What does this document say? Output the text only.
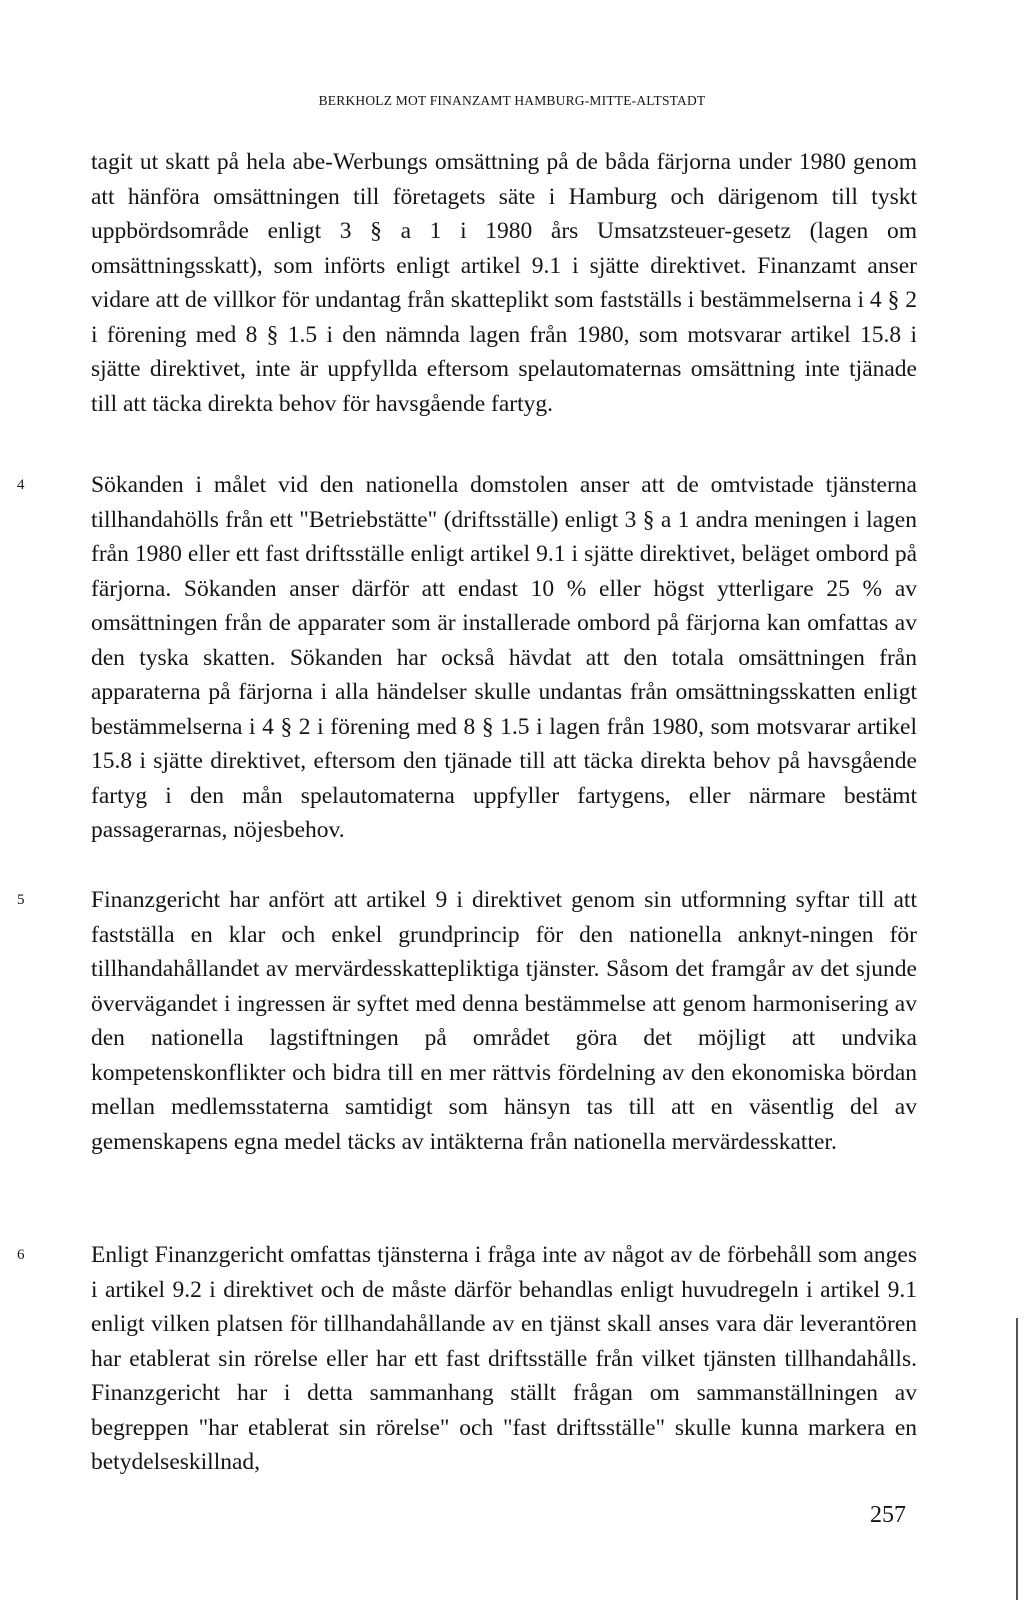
BERKHOLZ MOT FINANZAMT HAMBURG-MITTE-ALTSTADT

tagit ut skatt på hela abe-Werbungs omsättning på de båda färjorna under 1980 genom att hänföra omsättningen till företagets säte i Hamburg och därigenom till tyskt uppbördsområde enligt 3 § a 1 i 1980 års Umsatzsteuer-gesetz (lagen om omsättningsskatt), som införts enligt artikel 9.1 i sjätte direktivet. Finanzamt anser vidare att de villkor för undantag från skatteplikt som fastställs i bestämmelserna i 4 § 2 i förening med 8 § 1.5 i den nämnda lagen från 1980, som motsvarar artikel 15.8 i sjätte direktivet, inte är uppfyllda eftersom spelautomaternas omsättning inte tjänade till att täcka direkta behov för havsgående fartyg.

4	Sökanden i målet vid den nationella domstolen anser att de omtvistade tjänsterna tillhandahölls från ett "Betriebstätte" (driftsställe) enligt 3 § a 1 andra meningen i lagen från 1980 eller ett fast driftsställe enligt artikel 9.1 i sjätte direktivet, beläget ombord på färjorna. Sökanden anser därför att endast 10 % eller högst ytterligare 25 % av omsättningen från de apparater som är installerade ombord på färjorna kan omfattas av den tyska skatten. Sökanden har också hävdat att den totala omsättningen från apparaterna på färjorna i alla händelser skulle undantas från omsättningsskatten enligt bestämmelserna i 4 § 2 i förening med 8 § 1.5 i lagen från 1980, som motsvarar artikel 15.8 i sjätte direktivet, eftersom den tjänade till att täcka direkta behov på havsgående fartyg i den mån spelautomaterna uppfyller fartygens, eller närmare bestämt passagerarnas, nöjesbehov.

5	Finanzgericht har anfört att artikel 9 i direktivet genom sin utformning syftar till att fastställa en klar och enkel grundprincip för den nationella anknyt-ningen för tillhandahållandet av mervärdesskattepliktiga tjänster. Såsom det framgår av det sjunde övervägandet i ingressen är syftet med denna bestämmelse att genom harmonisering av den nationella lagstiftningen på området göra det möjligt att undvika kompetenskonflikter och bidra till en mer rättvis fördelning av den ekonomiska bördan mellan medlemsstaterna samtidigt som hänsyn tas till att en väsentlig del av gemenskapens egna medel täcks av intäkterna från nationella mervärdesskatter.

6	Enligt Finanzgericht omfattas tjänsterna i fråga inte av något av de förbehåll som anges i artikel 9.2 i direktivet och de måste därför behandlas enligt huvudregeln i artikel 9.1 enligt vilken platsen för tillhandahållande av en tjänst skall anses vara där leverantören har etablerat sin rörelse eller har ett fast driftsställe från vilket tjänsten tillhandahålls. Finanzgericht har i detta sammanhang ställt frågan om sammanställningen av begreppen "har etablerat sin rörelse" och "fast driftsställe" skulle kunna markera en betydelseskillnad,

257
